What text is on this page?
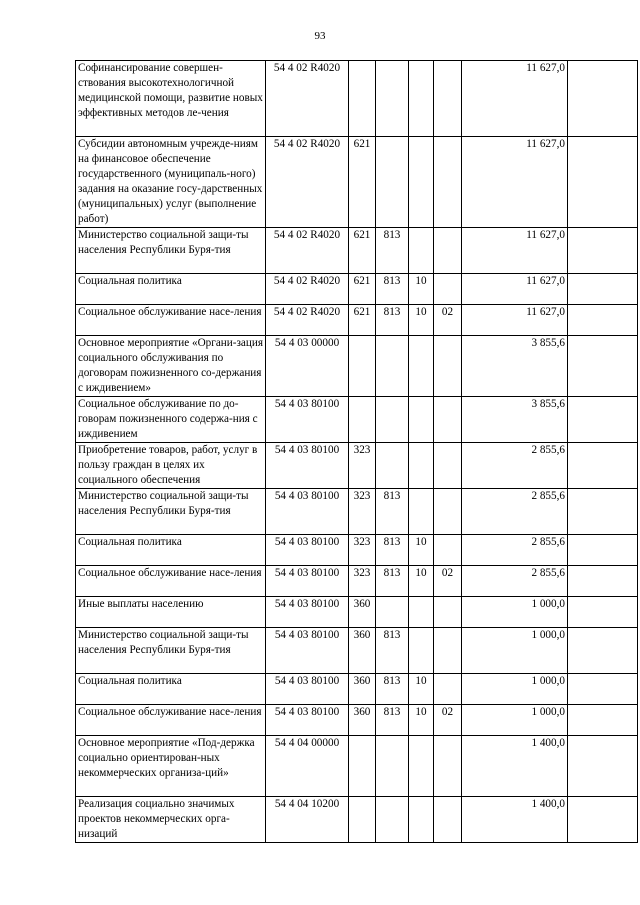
93
Софинансирование совершен-ствования высокотехнологичной медицинской помощи, развитие новых эффективных методов ле-чения	54 4 02 R4020					11 627,0	
Субсидии автономным учрежде-ниям на финансовое обеспечение государственного (муниципаль-ного) задания на оказание госу-дарственных (муниципальных) услуг (выполнение работ)	54 4 02 R4020	621				11 627,0	
Министерство социальной защи-ты населения Республики Буря-тия	54 4 02 R4020	621	813			11 627,0	
Социальная политика	54 4 02 R4020	621	813	10		11 627,0	
Социальное обслуживание насе-ления	54 4 02 R4020	621	813	10	02	11 627,0	
Основное мероприятие «Органи-зация социального обслуживания по договорам пожизненного со-держания с иждивением»	54 4 03 00000					3 855,6	
Социальное обслуживание по до-говорам пожизненного содержа-ния с иждивением	54 4 03 80100					3 855,6	
Приобретение товаров, работ, услуг в пользу граждан в целях их социального обеспечения	54 4 03 80100	323				2 855,6	
Министерство социальной защи-ты населения Республики Буря-тия	54 4 03 80100	323	813			2 855,6	
Социальная политика	54 4 03 80100	323	813	10		2 855,6	
Социальное обслуживание насе-ления	54 4 03 80100	323	813	10	02	2 855,6	
Иные выплаты населению	54 4 03 80100	360				1 000,0	
Министерство социальной защи-ты населения Республики Буря-тия	54 4 03 80100	360	813			1 000,0	
Социальная политика	54 4 03 80100	360	813	10		1 000,0	
Социальное обслуживание насе-ления	54 4 03 80100	360	813	10	02	1 000,0	
Основное мероприятие «Под-держка социально ориентирован-ных некоммерческих организа-ций»	54 4 04 00000					1 400,0	
Реализация социально значимых проектов некоммерческих орга-низаций	54 4 04 10200					1 400,0	
